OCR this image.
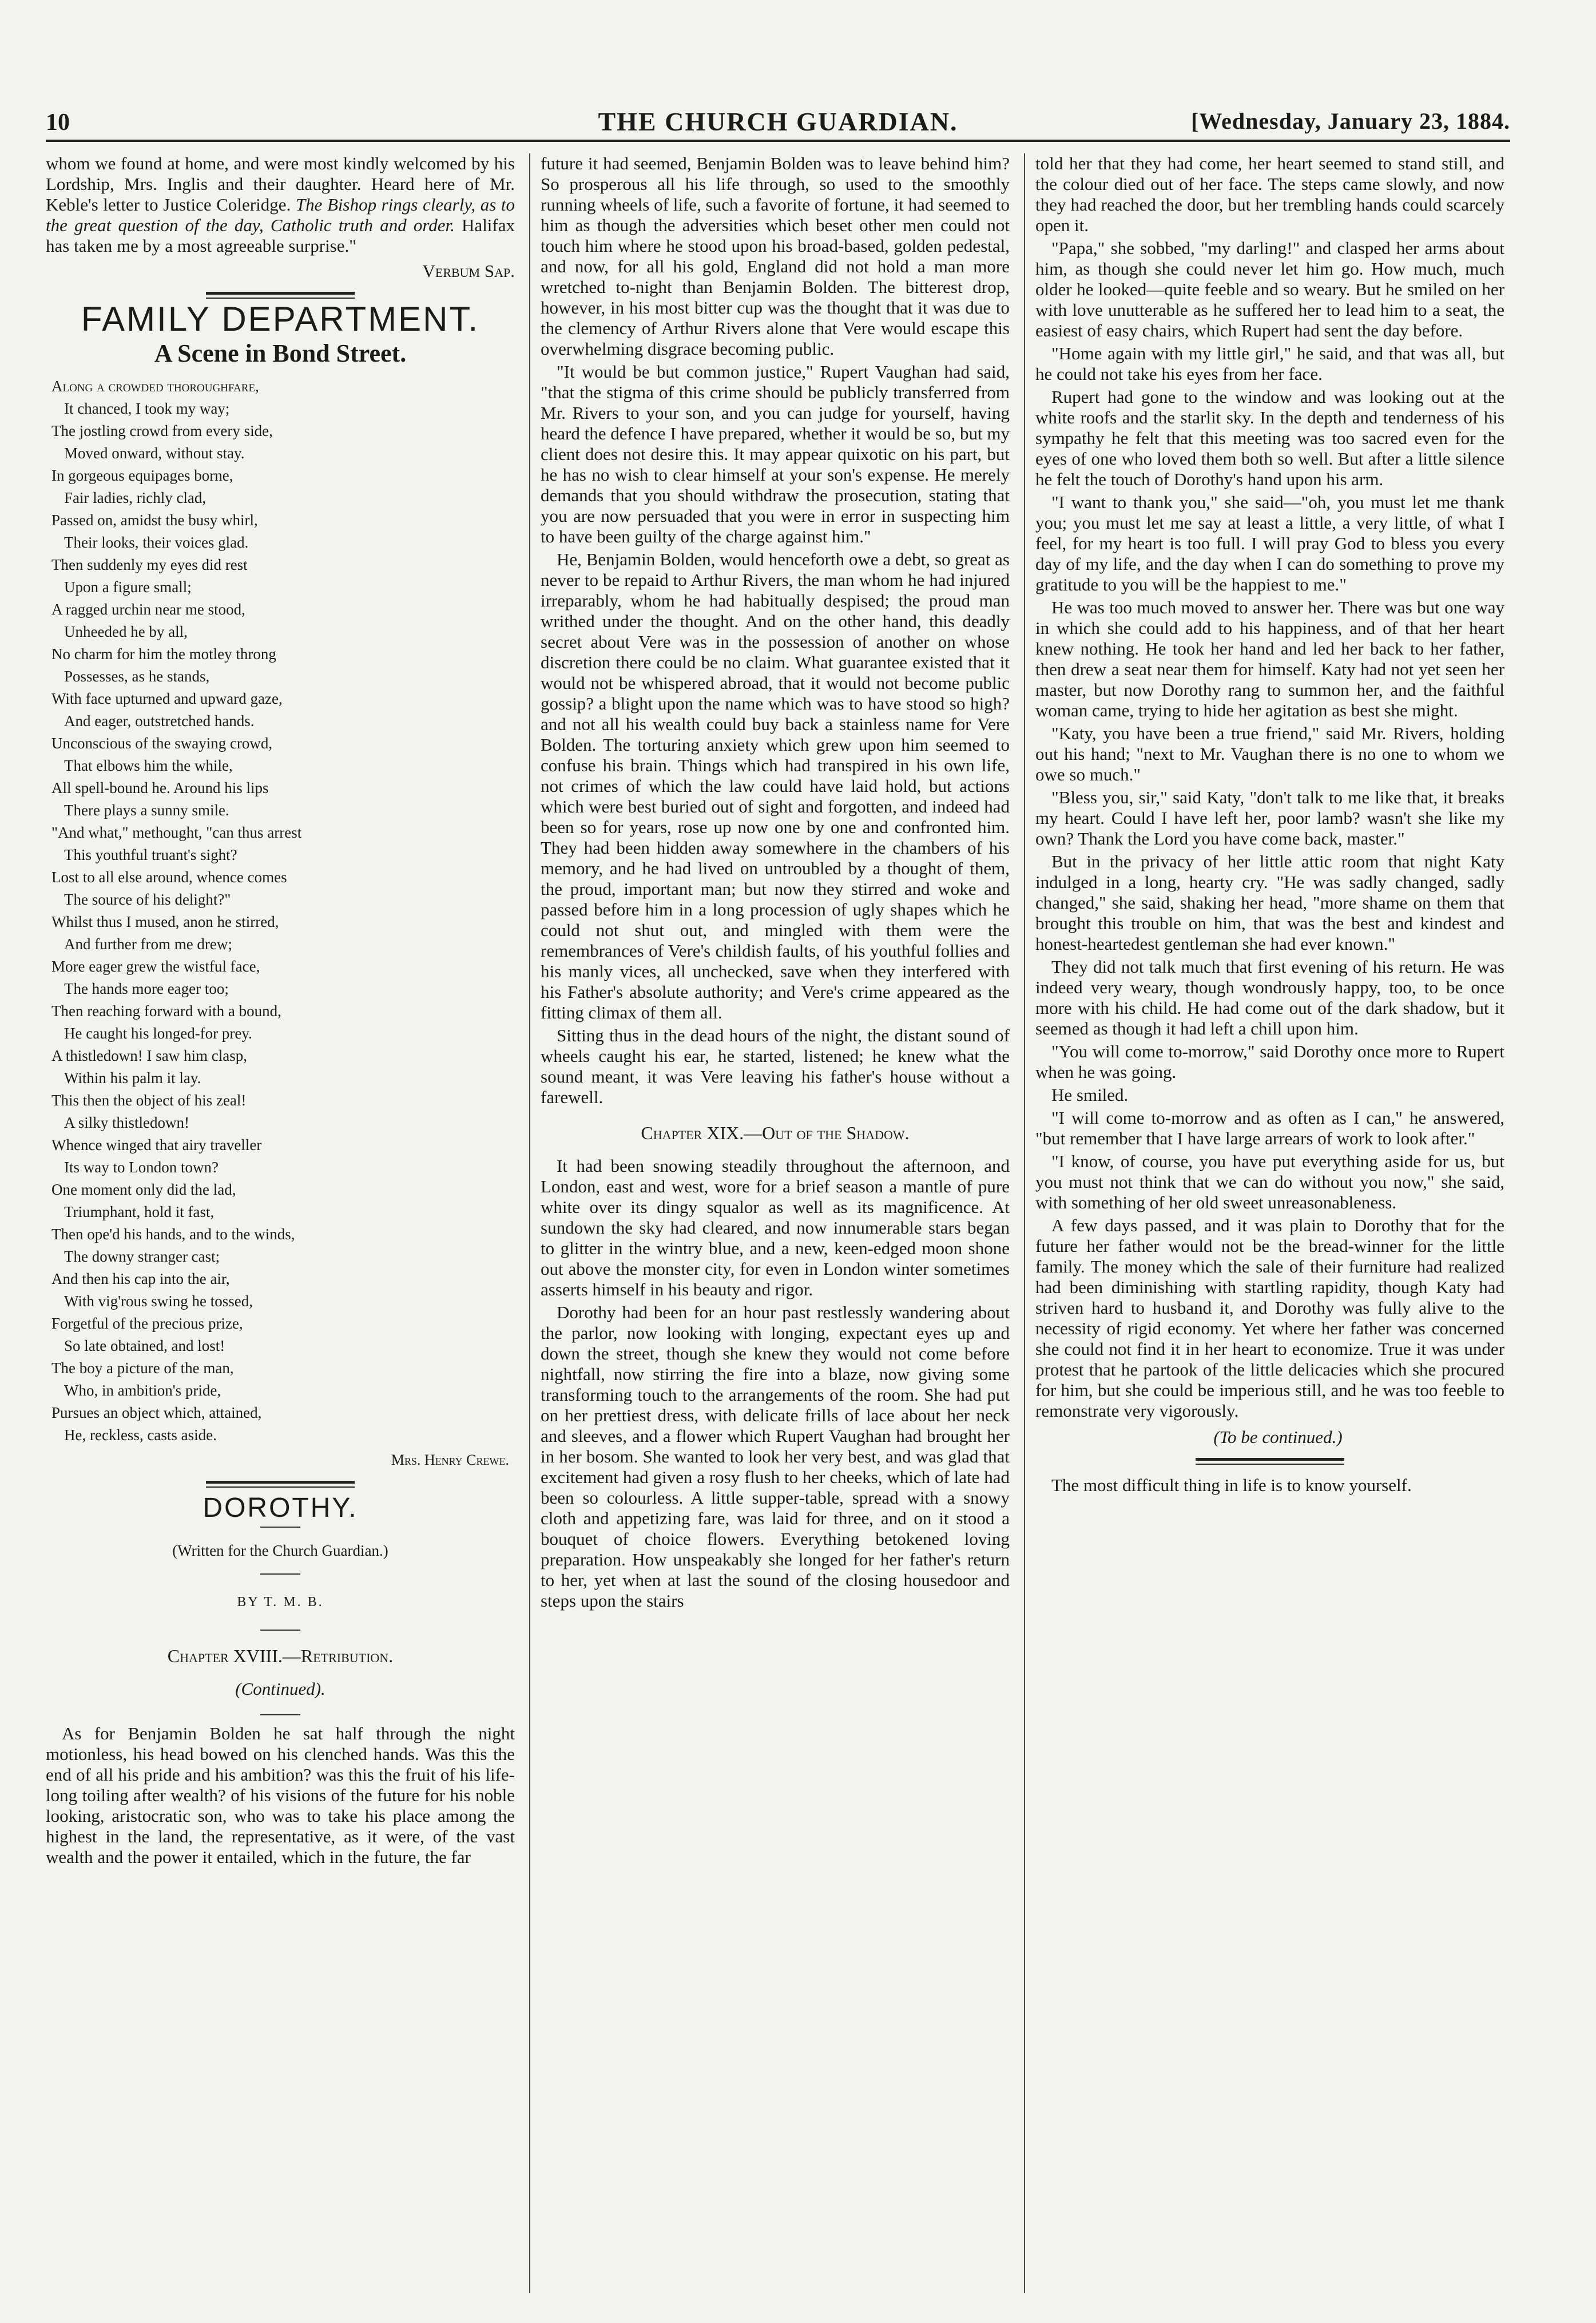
10	THE CHURCH GUARDIAN.	[Wednesday, January 23, 1884.

whom we found at home, and were most kindly welcomed by his Lordship, Mrs. Inglis and their daughter. Heard here of Mr. Keble's letter to Justice Coleridge. The Bishop rings clearly, as to the great question of the day, Catholic truth and order. Halifax has taken me by a most agreeable surprise."

Verbum Sap.
FAMILY DEPARTMENT.
A Scene in Bond Street.
Along a crowded thoroughfare,
It chanced, I took my way;
The jostling crowd from every side,
Moved onward, without stay.
In gorgeous equipages borne,
Fair ladies, richly clad,
Passed on, amidst the busy whirl,
Their looks, their voices glad.
Then suddenly my eyes did rest
Upon a figure small;
A ragged urchin near me stood,
Unheeded he by all,
No charm for him the motley throng
Possesses, as he stands,
With face upturned and upward gaze,
And eager, outstretched hands.
Unconscious of the swaying crowd,
That elbows him the while,
All spell-bound he. Around his lips
There plays a sunny smile.
"And what," methought, "can thus arrest
This youthful truant's sight?
Lost to all else around, whence comes
The source of his delight?"
Whilst thus I mused, anon he stirred,
And further from me drew;
More eager grew the wistful face,
The hands more eager too;
Then reaching forward with a bound,
He caught his longed-for prey.
A thistledown! I saw him clasp,
Within his palm it lay.
This then the object of his zeal!
A silky thistledown!
Whence winged that airy traveller
Its way to London town?
One moment only did the lad,
Triumphant, hold it fast,
Then ope'd his hands, and to the winds,
The downy stranger cast;
And then his cap into the air,
With vig'rous swing he tossed,
Forgetful of the precious prize,
So late obtained, and lost!
The boy a picture of the man,
Who, in ambition's pride,
Pursues an object which, attained,
He, reckless, casts aside.
Mrs. Henry Crewe.
DOROTHY.

(Written for the Church Guardian.)

BY T. M. B.

Chapter XVIII.—Retribution.

(Continued).

As for Benjamin Bolden he sat half through the night motionless, his head bowed on his clenched hands. Was this the end of all his pride and his ambition? was this the fruit of his life-long toiling after wealth? of his visions of the future for his noble looking, aristocratic son, who was to take his place among the highest in the land, the representative, as it were, of the vast wealth and the power it entailed, which in the future, the far

future it had seemed, Benjamin Bolden was to leave behind him? So prosperous all his life through, so used to the smoothly running wheels of life, such a favorite of fortune, it had seemed to him as though the adversities which beset other men could not touch him where he stood upon his broad-based, golden pedestal, and now, for all his gold, England did not hold a man more wretched to-night than Benjamin Bolden. The bitterest drop, however, in his most bitter cup was the thought that it was due to the clemency of Arthur Rivers alone that Vere would escape this overwhelming disgrace becoming public.

"It would be but common justice," Rupert Vaughan had said, "that the stigma of this crime should be publicly transferred from Mr. Rivers to your son, and you can judge for yourself, having heard the defence I have prepared, whether it would be so, but my client does not desire this. It may appear quixotic on his part, but he has no wish to clear himself at your son's expense. He merely demands that you should withdraw the prosecution, stating that you are now persuaded that you were in error in suspecting him to have been guilty of the charge against him."

He, Benjamin Bolden, would henceforth owe a debt, so great as never to be repaid to Arthur Rivers, the man whom he had injured irreparably, whom he had habitually despised; the proud man writhed under the thought. And on the other hand, this deadly secret about Vere was in the possession of another on whose discretion there could be no claim. What guarantee existed that it would not be whispered abroad, that it would not become public gossip? a blight upon the name which was to have stood so high? and not all his wealth could buy back a stainless name for Vere Bolden. The torturing anxiety which grew upon him seemed to confuse his brain. Things which had transpired in his own life, not crimes of which the law could have laid hold, but actions which were best buried out of sight and forgotten, and indeed had been so for years, rose up now one by one and confronted him. They had been hidden away somewhere in the chambers of his memory, and he had lived on untroubled by a thought of them, the proud, important man; but now they stirred and woke and passed before him in a long procession of ugly shapes which he could not shut out, and mingled with them were the remembrances of Vere's childish faults, of his youthful follies and his manly vices, all unchecked, save when they interfered with his Father's absolute authority; and Vere's crime appeared as the fitting climax of them all.

Sitting thus in the dead hours of the night, the distant sound of wheels caught his ear, he started, listened; he knew what the sound meant, it was Vere leaving his father's house without a farewell.

Chapter XIX.—Out of the Shadow.

It had been snowing steadily throughout the afternoon, and London, east and west, wore for a brief season a mantle of pure white over its dingy squalor as well as its magnificence. At sundown the sky had cleared, and now innumerable stars began to glitter in the wintry blue, and a new, keen-edged moon shone out above the monster city, for even in London winter sometimes asserts himself in his beauty and rigor.

Dorothy had been for an hour past restlessly wandering about the parlor, now looking with longing, expectant eyes up and down the street, though she knew they would not come before nightfall, now stirring the fire into a blaze, now giving some transforming touch to the arrangements of the room. She had put on her prettiest dress, with delicate frills of lace about her neck and sleeves, and a flower which Rupert Vaughan had brought her in her bosom. She wanted to look her very best, and was glad that excitement had given a rosy flush to her cheeks, which of late had been so colourless. A little supper-table, spread with a snowy cloth and appetizing fare, was laid for three, and on it stood a bouquet of choice flowers. Everything betokened loving preparation. How unspeakably she longed for her father's return to her, yet when at last the sound of the closing housedoor and steps upon the stairs

told her that they had come, her heart seemed to stand still, and the colour died out of her face. The steps came slowly, and now they had reached the door, but her trembling hands could scarcely open it.

"Papa," she sobbed, "my darling!" and clasped her arms about him, as though she could never let him go. How much, much older he looked—quite feeble and so weary. But he smiled on her with love unutterable as he suffered her to lead him to a seat, the easiest of easy chairs, which Rupert had sent the day before.

"Home again with my little girl," he said, and that was all, but he could not take his eyes from her face.

Rupert had gone to the window and was looking out at the white roofs and the starlit sky. In the depth and tenderness of his sympathy he felt that this meeting was too sacred even for the eyes of one who loved them both so well. But after a little silence he felt the touch of Dorothy's hand upon his arm.

"I want to thank you," she said—"oh, you must let me thank you; you must let me say at least a little, a very little, of what I feel, for my heart is too full. I will pray God to bless you every day of my life, and the day when I can do something to prove my gratitude to you will be the happiest to me."

He was too much moved to answer her. There was but one way in which she could add to his happiness, and of that her heart knew nothing. He took her hand and led her back to her father, then drew a seat near them for himself. Katy had not yet seen her master, but now Dorothy rang to summon her, and the faithful woman came, trying to hide her agitation as best she might.

"Katy, you have been a true friend," said Mr. Rivers, holding out his hand; "next to Mr. Vaughan there is no one to whom we owe so much."

"Bless you, sir," said Katy, "don't talk to me like that, it breaks my heart. Could I have left her, poor lamb? wasn't she like my own? Thank the Lord you have come back, master."

But in the privacy of her little attic room that night Katy indulged in a long, hearty cry. "He was sadly changed, sadly changed," she said, shaking her head, "more shame on them that brought this trouble on him, that was the best and kindest and honest-heartedest gentleman she had ever known."

They did not talk much that first evening of his return. He was indeed very weary, though wondrously happy, too, to be once more with his child. He had come out of the dark shadow, but it seemed as though it had left a chill upon him.

"You will come to-morrow," said Dorothy once more to Rupert when he was going.

He smiled.

"I will come to-morrow and as often as I can," he answered, "but remember that I have large arrears of work to look after."

"I know, of course, you have put everything aside for us, but you must not think that we can do without you now," she said, with something of her old sweet unreasonableness.

A few days passed, and it was plain to Dorothy that for the future her father would not be the bread-winner for the little family. The money which the sale of their furniture had realized had been diminishing with startling rapidity, though Katy had striven hard to husband it, and Dorothy was fully alive to the necessity of rigid economy. Yet where her father was concerned she could not find it in her heart to economize. True it was under protest that he partook of the little delicacies which she procured for him, but she could be imperious still, and he was too feeble to remonstrate very vigorously.

(To be continued.)

The most difficult thing in life is to know yourself.
